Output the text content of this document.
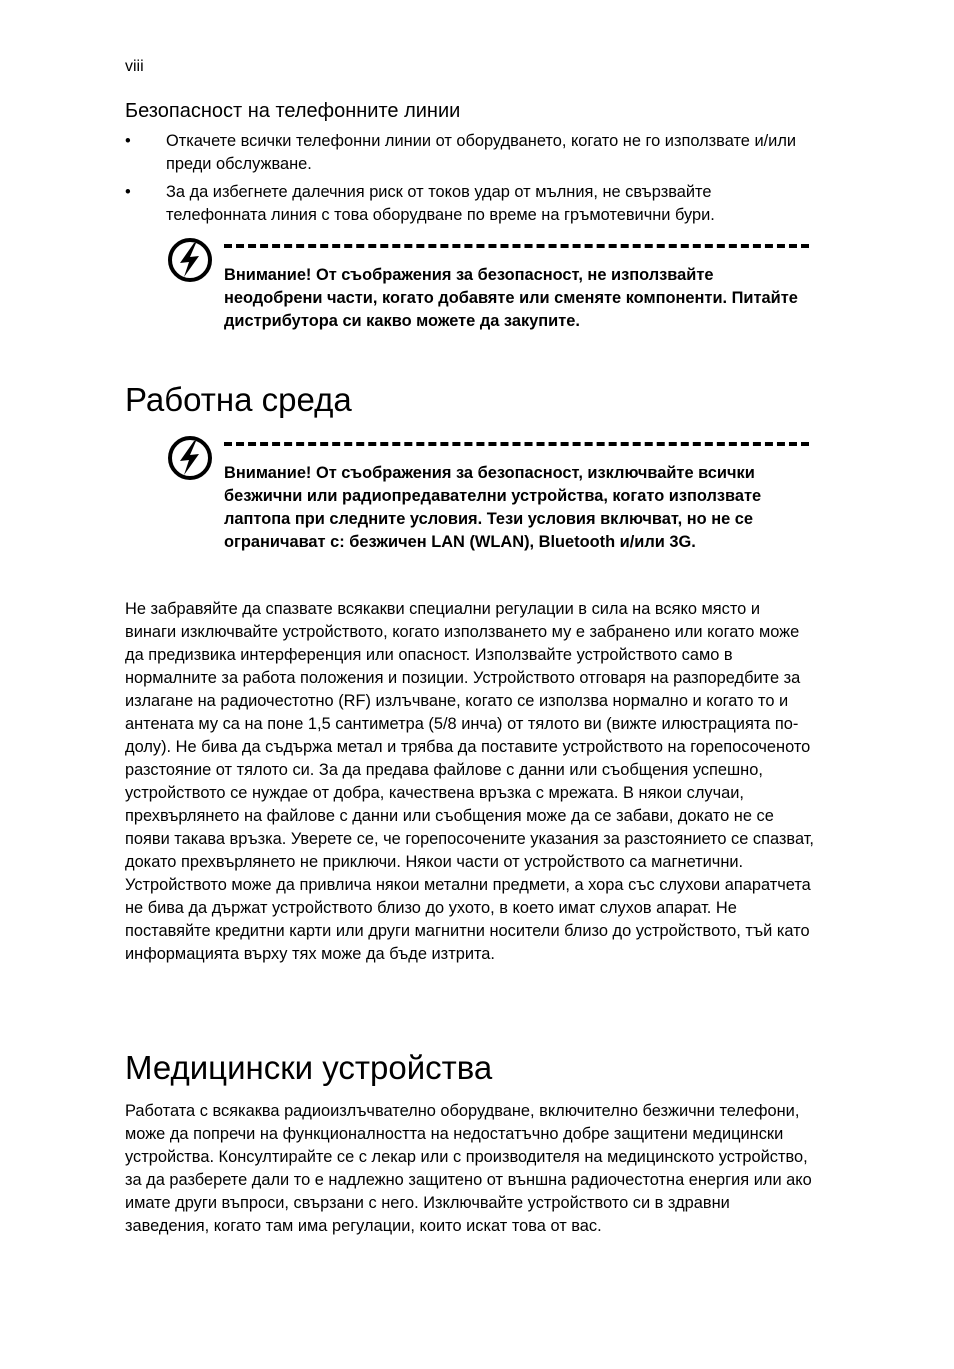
viii
Безопасност на телефонните линии
• Откачете всички телефонни линии от оборудването, когато не го използвате и/или преди обслужване.
• За да избегнете далечния риск от токов удар от мълния, не свързвайте телефонната линия с това оборудване по време на гръмотевични бури.
Внимание! От съображения за безопасност, не използвайте неодобрени части, когато добавяте или сменяте компоненти. Питайте дистрибутора си какво можете да закупите.
Работна среда
Внимание! От съображения за безопасност, изключвайте всички безжични или радиопредавателни устройства, когато използвате лаптопа при следните условия. Тези условия включват, но не се ограничават с: безжичен LAN (WLAN), Bluetooth и/или 3G.

Не забравяйте да спазвате всякакви специални регулации в сила на всяко място и винаги изключвайте устройството, когато използването му е забранено или когато може да предизвика интерференция или опасност. Използвайте устройството само в нормалните за работа положения и позиции. Устройството отговаря на разпоредбите за излагане на радиочестотно (RF) излъчване, когато се използва нормално и когато то и антената му са на поне 1,5 сантиметра (5/8 инча) от тялото ви (вижте илюстрацията по-долу). Не бива да съдържа метал и трябва да поставите устройството на горепосоченото разстояние от тялото си. За да предава файлове с данни или съобщения успешно, устройството се нуждае от добра, качествена връзка с мрежата. В някои случаи, прехвърлянето на файлове с данни или съобщения може да се забави, докато не се появи такава връзка. Уверете се, че горепосочените указания за разстоянието се спазват, докато прехвърлянето не приключи. Някои части от устройството са магнетични. Устройството може да привлича някои метални предмети, а хора със слухови апаратчета не бива да държат устройството близо до ухото, в което имат слухов апарат. Не поставяйте кредитни карти или други магнитни носители близо до устройството, тъй като информацията върху тях може да бъде изтрита.

Медицински устройства

Работата с всякаква радиоизлъчвателно оборудване, включително безжични телефони, може да попречи на функционалността на недостатъчно добре защитени медицински устройства. Консултирайте се с лекар или с производителя на медицинското устройство, за да разберете дали то е надлежно защитено от външна радиочестотна енергия или ако имате други въпроси, свързани с него. Изключвайте устройството си в здравни заведения, когато там има регулации, които искат това от вас.
